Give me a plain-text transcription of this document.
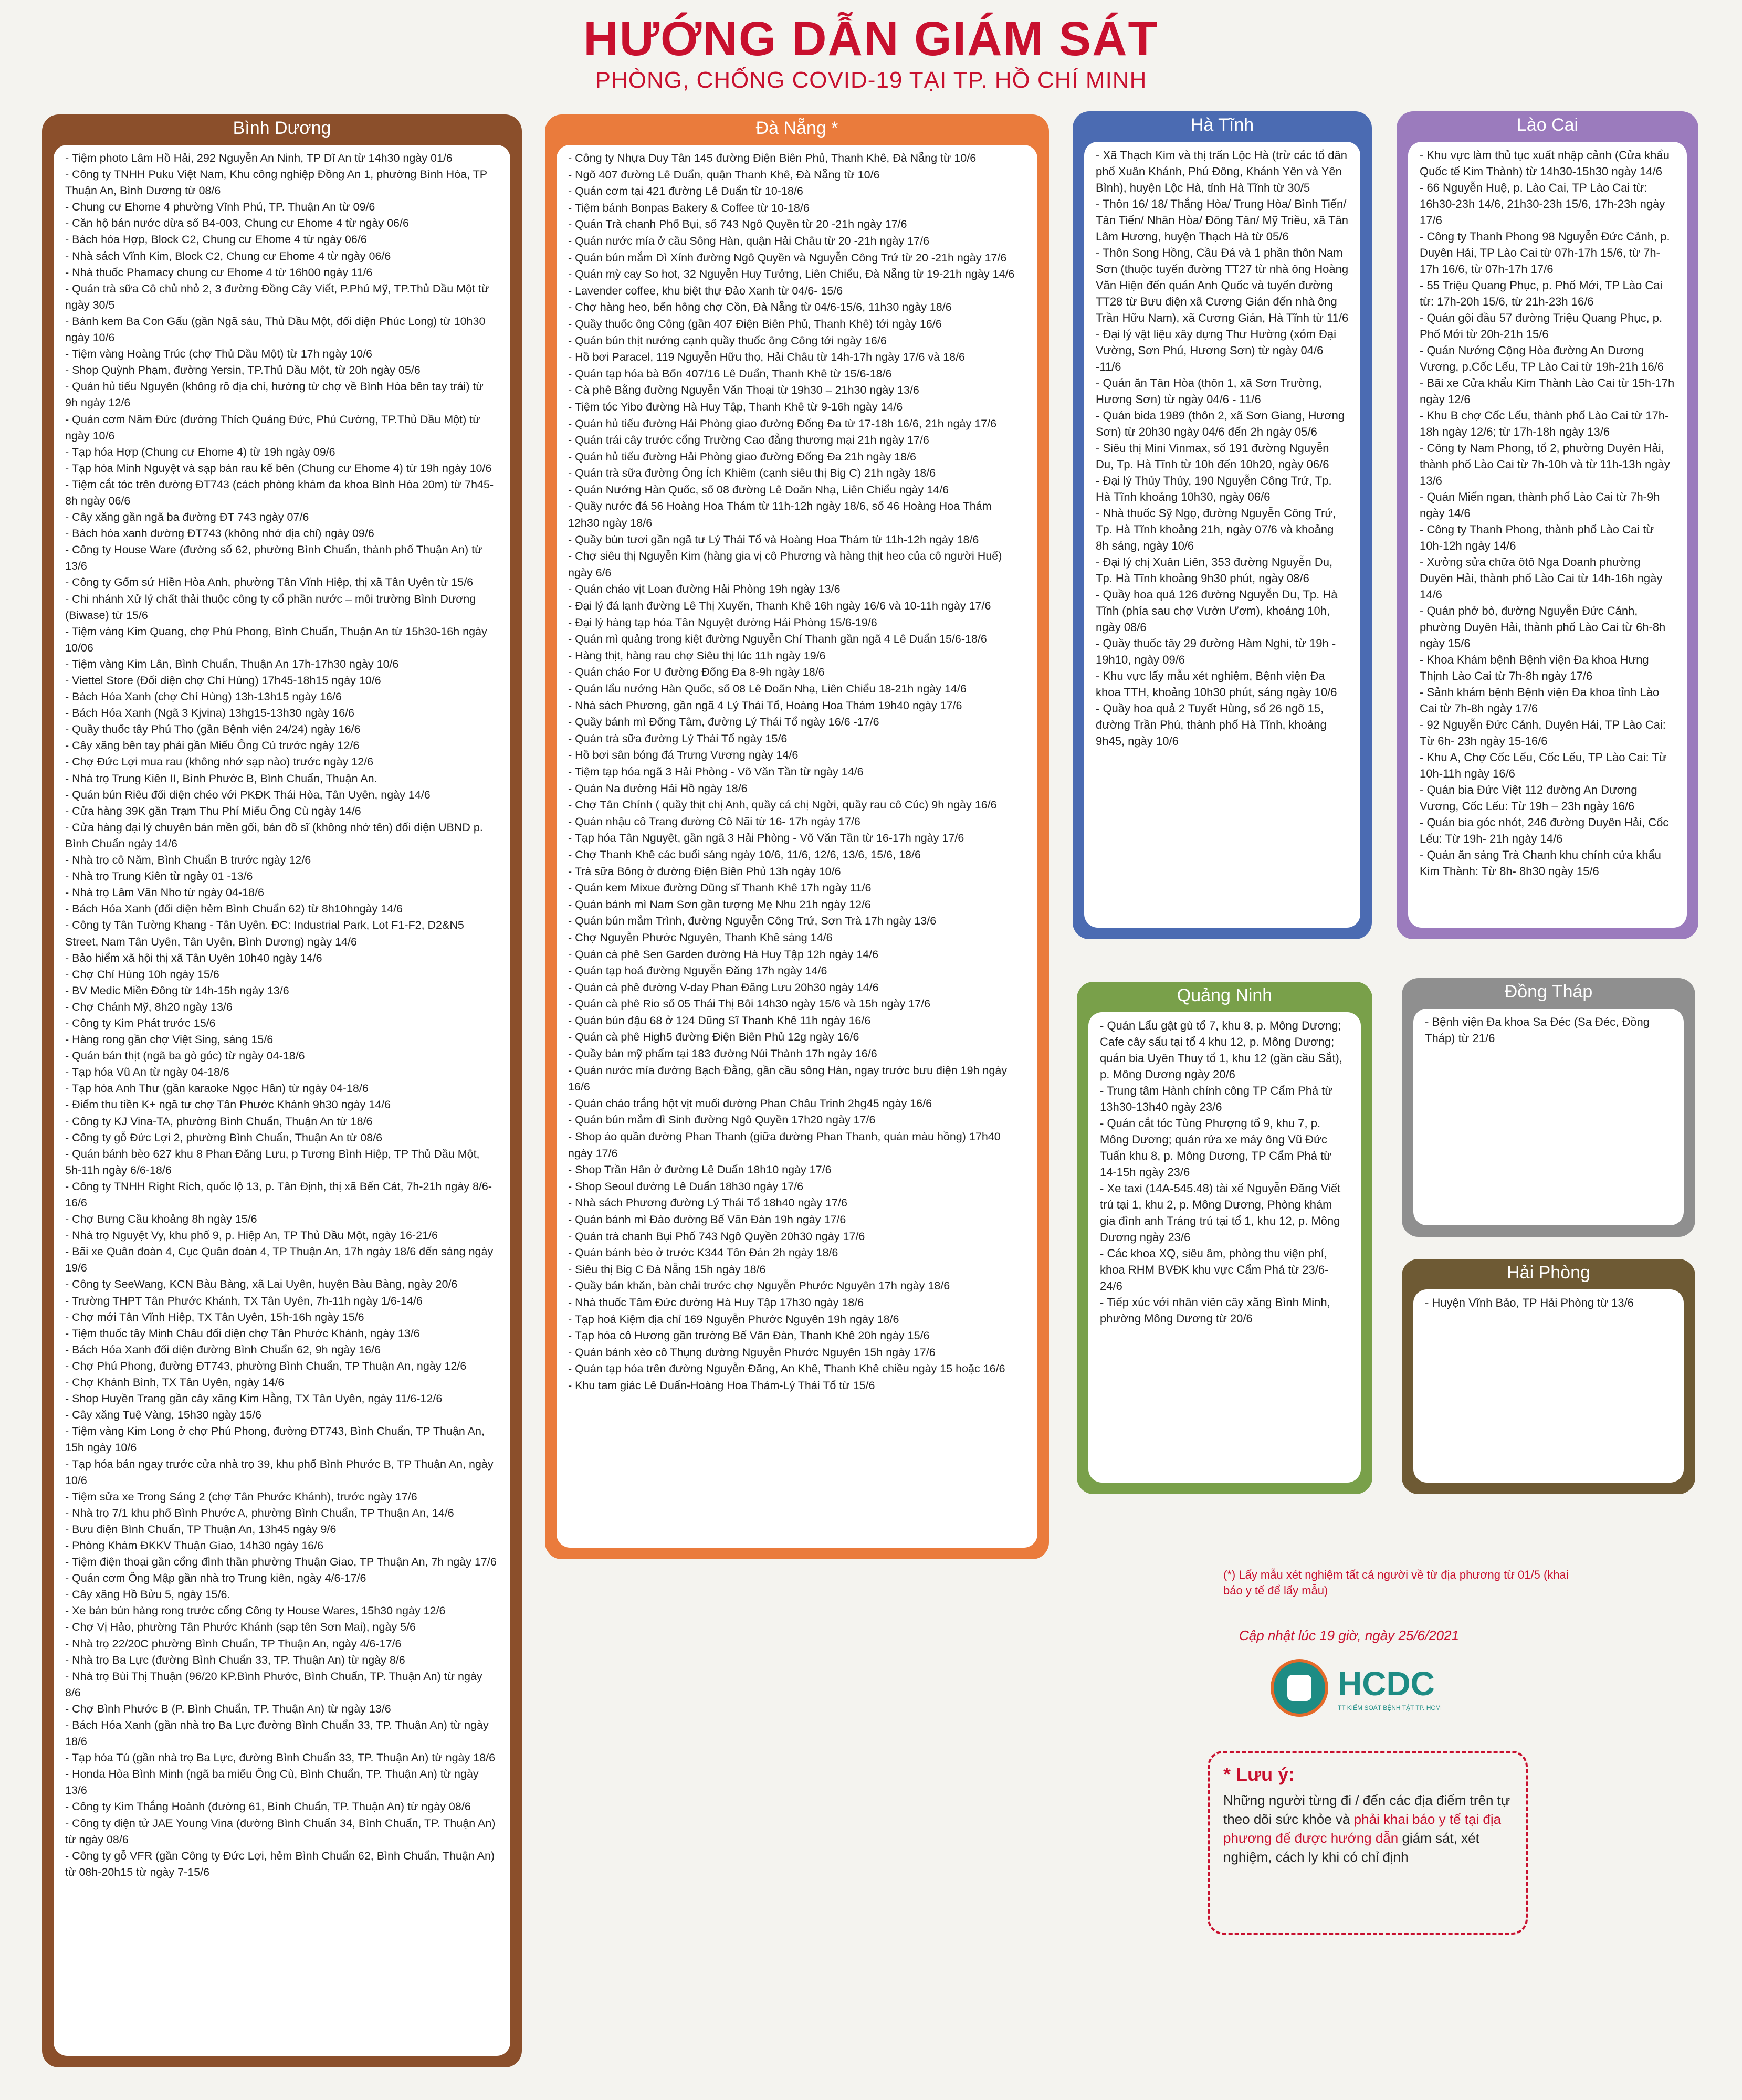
HƯỚNG DẪN GIÁM SÁT
PHÒNG, CHỐNG COVID-19 TẠI TP. HỒ CHÍ MINH
Bình Dương
- Tiệm photo Lâm Hồ Hải, 292 Nguyễn An Ninh, TP Dĩ An từ 14h30 ngày 01/6
- Công ty TNHH Puku Việt Nam, Khu công nghiệp Đồng An 1, phường Bình Hòa, TP Thuận An, Bình Dương từ 08/6
- Chung cư Ehome 4 phường Vĩnh Phú, TP. Thuận An từ 09/6
- Căn hộ bán nước dừa số B4-003, Chung cư Ehome 4 từ ngày 06/6
- Bách hóa Hợp, Block C2, Chung cư Ehome 4 từ ngày 06/6
- Nhà sách Vĩnh Kim, Block C2, Chung cư Ehome 4 từ ngày 06/6
- Nhà thuốc Phamacy chung cư Ehome 4 từ 16h00 ngày 11/6
- Quán trà sữa Cô chủ nhỏ 2, 3 đường Đồng Cây Viết, P.Phú Mỹ, TP.Thủ Dầu Một từ ngày 30/5
- Bánh kem Ba Con Gấu (gần Ngã sáu, Thủ Dầu Một, đối diện Phúc Long) từ 10h30 ngày 10/6
- Tiệm vàng Hoàng Trúc (chợ Thủ Dầu Một) từ 17h ngày 10/6
- Shop Quỳnh Phạm, đường Yersin, TP.Thủ Dầu Một, từ 20h ngày 05/6
- Quán hủ tiếu Nguyên (không rõ địa chỉ, hướng từ chợ về Bình Hòa bên tay trái) từ 9h ngày 12/6
- Quán cơm Năm Đức (đường Thích Quảng Đức, Phú Cường, TP.Thủ Dầu Một) từ ngày 10/6
- Tạp hóa Hợp (Chung cư Ehome 4) từ 19h ngày 09/6
- Tạp hóa Minh Nguyệt và sạp bán rau kế bên (Chung cư Ehome 4) từ 19h ngày 10/6
- Tiệm cắt tóc trên đường ĐT743 (cách phòng khám đa khoa Bình Hòa 20m) từ 7h45-8h ngày 06/6
- Cây xăng gần ngã ba đường ĐT 743 ngày 07/6
- Bách hóa xanh đường ĐT743 (không nhớ địa chỉ) ngày 09/6
- Công ty House Ware (đường số 62, phường Bình Chuẩn, thành phố Thuận An) từ 13/6
- Công ty Gốm sứ Hiền Hòa Anh, phường Tân Vĩnh Hiệp, thị xã Tân Uyên từ 15/6
- Chi nhánh Xử lý chất thải thuộc công ty cổ phần nước – môi trường Bình Dương (Biwase) từ 15/6
- Tiệm vàng Kim Quang, chợ Phú Phong, Bình Chuẩn, Thuận An từ 15h30-16h ngày 10/06
- Tiệm vàng Kim Lân, Bình Chuẩn, Thuận An 17h-17h30 ngày 10/6
- Viettel Store (Đối diện chợ Chí Hùng) 17h45-18h15 ngày 10/6
- Bách Hóa Xanh (chợ Chí Hùng) 13h-13h15 ngày 16/6
- Bách Hóa Xanh (Ngã 3 Kjvina) 13hg15-13h30 ngày 16/6
- Quầy thuốc tây Phú Thọ (gần Bệnh viện 24/24) ngày 16/6
- Cây xăng bên tay phải gần Miếu Ông Cù trước ngày 12/6
- Chợ Đức Lợi mua rau (không nhớ sạp nào) trước ngày 12/6
- Nhà trọ Trung Kiên II, Bình Phước B, Bình Chuẩn, Thuận An.
- Quán bún Riêu đối diện chéo với PKĐK Thái Hòa, Tân Uyên, ngày 14/6
- Cửa hàng 39K gần Trạm Thu Phí Miếu Ông Cù ngày 14/6
- Cửa hàng đại lý chuyên bán mền gối, bán đồ sĩ (không nhớ tên) đối diện UBND p. Bình Chuẩn ngày 14/6
- Nhà trọ cô Năm, Bình Chuẩn B trước ngày 12/6
- Nhà trọ Trung Kiên từ ngày 01 -13/6
- Nhà trọ Lâm Văn Nho từ ngày 04-18/6
- Bách Hóa Xanh (đối diện hẻm Bình Chuẩn 62) từ 8h10hngày 14/6
- Công ty Tân Tường Khang - Tân Uyên. ĐC: Industrial Park, Lot F1-F2, D2&N5 Street, Nam Tân Uyên, Tân Uyên, Bình Dương) ngày 14/6
- Bảo hiểm xã hội thị xã Tân Uyên 10h40 ngày 14/6
- Chợ Chí Hùng 10h ngày 15/6
- BV Medic Miền Đông từ 14h-15h ngày 13/6
- Chợ Chánh Mỹ, 8h20 ngày 13/6
- Công ty Kim Phát trước 15/6
- Hàng rong gần chợ Việt Sing, sáng 15/6
- Quán bán thịt (ngã ba gò góc) từ ngày 04-18/6
- Tạp hóa Vũ An từ ngày 04-18/6
- Tạp hóa Anh Thư (gần karaoke Ngọc Hân) từ ngày 04-18/6
- Điểm thu tiền K+ ngã tư chợ Tân Phước Khánh 9h30 ngày 14/6
- Công ty KJ Vina-TA, phường Bình Chuẩn, Thuận An từ 18/6
- Công ty gỗ Đức Lợi 2, phường Bình Chuẩn, Thuận An từ 08/6
- Quán bánh bèo 627 khu 8 Phan Đăng Lưu, p Tương Bình Hiệp, TP Thủ Dầu Một, 5h-11h ngày 6/6-18/6
- Công ty TNHH Right Rich, quốc lộ 13, p. Tân Định, thị xã Bến Cát, 7h-21h ngày 8/6-16/6
- Chợ Bưng Cầu khoảng 8h ngày 15/6
- Nhà trọ Nguyệt Vy, khu phố 9, p. Hiệp An, TP Thủ Dầu Một, ngày 16-21/6
- Bãi xe Quân đoàn 4, Cục Quân đoàn 4, TP Thuận An, 17h ngày 18/6 đến sáng ngày 19/6
- Công ty SeeWang, KCN Bàu Bàng, xã Lai Uyên, huyện Bàu Bàng, ngày 20/6
- Trường THPT Tân Phước Khánh, TX Tân Uyên, 7h-11h ngày 1/6-14/6
- Chợ mới Tân Vĩnh Hiệp, TX Tân Uyên, 15h-16h ngày 15/6
- Tiệm thuốc tây Minh Châu đối diện chợ Tân Phước Khánh, ngày 13/6
- Bách Hóa Xanh đối diện đường Bình Chuẩn 62, 9h ngày 16/6
- Chợ Phú Phong, đường ĐT743, phường Bình Chuẩn, TP Thuận An, ngày 12/6
- Chợ Khánh Bình, TX Tân Uyên, ngày 14/6
- Shop Huyền Trang gần cây xăng Kim Hằng, TX Tân Uyên, ngày 11/6-12/6
- Cây xăng Tuệ Vàng, 15h30 ngày 15/6
- Tiệm vàng Kim Long ở chợ Phú Phong, đường ĐT743, Bình Chuẩn, TP Thuận An, 15h ngày 10/6
- Tạp hóa bán ngay trước cửa nhà trọ 39, khu phố Bình Phước B, TP Thuận An, ngày 10/6
- Tiệm sửa xe Trong Sáng 2 (chợ Tân Phước Khánh), trước ngày 17/6
- Nhà trọ 7/1 khu phố Bình Phước A, phường Bình Chuẩn, TP Thuận An, 14/6
- Bưu điện Bình Chuẩn, TP Thuận An, 13h45 ngày 9/6
- Phòng Khám ĐKKV Thuận Giao, 14h30 ngày 16/6
- Tiệm điện thoại gần cổng đình thần phường Thuận Giao, TP Thuận An, 7h ngày 17/6
- Quán cơm Ông Mập gần nhà trọ Trung kiên, ngày 4/6-17/6
- Cây xăng Hồ Bửu 5, ngày 15/6.
- Xe bán bún hàng rong trước cổng Công ty House Wares, 15h30 ngày 12/6
- Chợ Vị Hảo, phường Tân Phước Khánh (sạp tên Sơn Mai), ngày 5/6
- Nhà trọ 22/20C phường Bình Chuẩn, TP Thuận An, ngày 4/6-17/6
- Nhà trọ Ba Lực (đường Bình Chuẩn 33, TP. Thuận An) từ ngày 8/6
- Nhà trọ Bùi Thị Thuận (96/20 KP.Bình Phước, Bình Chuẩn, TP. Thuận An) từ ngày 8/6
- Chợ Bình Phước B (P. Bình Chuẩn, TP. Thuận An) từ ngày 13/6
- Bách Hóa Xanh (gần nhà trọ Ba Lực đường Bình Chuẩn 33, TP. Thuận An) từ ngày 18/6
- Tạp hóa Tú (gần nhà trọ Ba Lực, đường Bình Chuẩn 33, TP. Thuận An) từ ngày 18/6
- Honda Hòa Bình Minh (ngã ba miếu Ông Cù, Bình Chuẩn, TP. Thuận An) từ ngày 13/6
- Công ty Kim Thắng Hoành (đường 61, Bình Chuẩn, TP. Thuận An) từ ngày 08/6
- Công ty điện tử JAE Young Vina (đường Bình Chuẩn 34, Bình Chuẩn, TP. Thuận An) từ ngày 08/6
- Công ty gỗ VFR (gần Công ty Đức Lợi, hẻm Bình Chuẩn 62, Bình Chuẩn, Thuận An) từ 08h-20h15 từ ngày 7-15/6
Đà Nẵng *
- Công ty Nhựa Duy Tân 145 đường Điện Biên Phủ, Thanh Khê, Đà Nẵng từ 10/6
- Ngõ 407 đường Lê Duẩn, quận Thanh Khê, Đà Nẵng từ 10/6
- Quán cơm tại 421 đường Lê Duẩn từ 10-18/6
- Tiệm bánh Bonpas Bakery & Coffee từ 10-18/6
- Quán Trà chanh Phố Bụi, số 743 Ngô Quyền từ 20 -21h ngày 17/6
- Quán nước mía ở cầu Sông Hàn, quận Hải Châu từ 20 -21h ngày 17/6
- Quán bún mắm Dì Xính đường Ngô Quyền và Nguyễn Công Trứ từ 20 -21h ngày 17/6
- Quán mỳ cay So hot, 32 Nguyễn Huy Tưởng, Liên Chiểu, Đà Nẵng từ 19-21h ngày 14/6
- Lavender coffee, khu biệt thự Đảo Xanh từ 04/6- 15/6
- Chợ hàng heo, bến hông chợ Cồn, Đà Nẵng từ 04/6-15/6, 11h30 ngày 18/6
- Quầy thuốc ông Công (gần 407 Điện Biên Phủ, Thanh Khê) tới ngày 16/6
- Quán bún thịt nướng cạnh quầy thuốc ông Công tới ngày 16/6
- Hồ bơi Paracel, 119 Nguyễn Hữu thọ, Hải Châu từ 14h-17h ngày 17/6 và 18/6
- Quán tạp hóa bà Bốn 407/16 Lê Duẩn, Thanh Khê từ 15/6-18/6
- Cà phê Bằng đường Nguyễn Văn Thoại từ 19h30 – 21h30 ngày 13/6
- Tiệm tóc Yibo đường Hà Huy Tập, Thanh Khê từ 9-16h ngày 14/6
- Quán hủ tiếu đường Hải Phòng giao đường Đống Đa từ 17-18h 16/6, 21h ngày 17/6
- Quán trái cây trước cổng Trường Cao đẳng thương mại 21h ngày 17/6
- Quán hủ tiếu đường Hải Phòng giao đường Đống Đa 21h ngày 18/6
- Quán trà sữa đường Ông Ích Khiêm (cạnh siêu thị Big C) 21h ngày 18/6
- Quán Nướng Hàn Quốc, số 08 đường Lê Doãn Nhạ, Liên Chiểu ngày 14/6
- Quầy nước đá 56 Hoàng Hoa Thám từ 11h-12h ngày 18/6, số 46 Hoàng Hoa Thám 12h30 ngày 18/6
- Quầy bún tươi gần ngã tư Lý Thái Tổ và Hoàng Hoa Thám từ 11h-12h ngày 18/6
- Chợ siêu thị Nguyễn Kim (hàng gia vị cô Phương và hàng thịt heo của cô người Huế) ngày 6/6
- Quán cháo vịt Loan đường Hải Phòng 19h ngày 13/6
- Đại lý đá lạnh đường Lê Thị Xuyến, Thanh Khê 16h ngày 16/6 và 10-11h ngày 17/6
- Đại lý hàng tạp hóa Tân Nguyệt đường Hải Phòng 15/6-19/6
- Quán mì quảng trong kiệt đường Nguyễn Chí Thanh gần ngã 4 Lê Duẩn 15/6-18/6
- Hàng thịt, hàng rau chợ Siêu thị lúc 11h ngày 19/6
- Quán cháo For U đường Đống Đa 8-9h ngày 18/6
- Quán lẩu nướng Hàn Quốc, số 08 Lê Doãn Nhạ, Liên Chiểu 18-21h ngày 14/6
- Nhà sách Phương, gần ngã 4 Lý Thái Tổ, Hoàng Hoa Thám 19h40 ngày 17/6
- Quầy bánh mì Đống Tâm, đường Lý Thái Tổ ngày 16/6 -17/6
- Quán trà sữa đường Lý Thái Tổ ngày 15/6
- Hồ bơi sân bóng đá Trưng Vương ngày 14/6
- Tiệm tạp hóa ngã 3 Hải Phòng - Võ Văn Tần từ ngày 14/6
- Quán Na đường Hải Hồ ngày 18/6
- Chợ Tân Chính ( quầy thịt chị Anh, quầy cá chị Ngời, quầy rau cô Cúc) 9h ngày 16/6
- Quán nhậu cô Trang đường Cô Nãi từ 16- 17h ngày 17/6
- Tạp hóa Tân Nguyệt, gần ngã 3 Hải Phòng - Võ Văn Tần từ 16-17h ngày 17/6
- Chợ Thanh Khê các buổi sáng ngày 10/6, 11/6, 12/6, 13/6, 15/6, 18/6
- Trà sữa Bông ở đường Điện Biên Phủ 13h ngày 10/6
- Quán kem Mixue đường Dũng sĩ Thanh Khê 17h ngày 11/6
- Quán bánh mì Nam Sơn gần tượng Mẹ Nhu 21h ngày 12/6
- Quán bún mắm Trình, đường Nguyễn Công Trứ, Sơn Trà 17h ngày 13/6
- Chợ Nguyễn Phước Nguyên, Thanh Khê sáng 14/6
- Quán cà phê Sen Garden đường Hà Huy Tập 12h ngày 14/6
- Quán tạp hoá đường Nguyễn Đăng 17h ngày 14/6
- Quán cà phê đường V-day Phan Đăng Lưu 20h30 ngày 14/6
- Quán cà phê Rio số 05 Thái Thị Bôi 14h30 ngày 15/6 và 15h ngày 17/6
- Quán bún đậu 68 ở 124 Dũng Sĩ Thanh Khê 11h ngày 16/6
- Quán cà phê High5 đường Điện Biên Phủ 12g ngày 16/6
- Quầy bán mỹ phẩm tại 183 đường Núi Thành 17h ngày 16/6
- Quán nước mía đường Bạch Đằng, gần cầu sông Hàn, ngay trước bưu điện 19h ngày 16/6
- Quán cháo trắng hột vịt muối đường Phan Châu Trinh 2hg45 ngày 16/6
- Quán bún mắm dì Sinh đường Ngô Quyền 17h20 ngày 17/6
- Shop áo quần đường Phan Thanh (giữa đường Phan Thanh, quán màu hồng) 17h40 ngày 17/6
- Shop Trần Hân ở đường Lê Duẩn 18h10 ngày 17/6
- Shop Seoul đường Lê Duẩn 18h30 ngày 17/6
- Nhà sách Phương đường Lý Thái Tổ 18h40 ngày 17/6
- Quán bánh mì Đào đường Bế Văn Đàn 19h ngày 17/6
- Quán trà chanh Bụi Phố 743 Ngô Quyền 20h30 ngày 17/6
- Quán bánh bèo ở trước K344 Tôn Đản 2h ngày 18/6
- Siêu thị Big C Đà Nẵng 15h ngày 18/6
- Quầy bán khăn, bàn chải trước chợ Nguyễn Phước Nguyên 17h ngày 18/6
- Nhà thuốc Tâm Đức đường Hà Huy Tập 17h30 ngày 18/6
- Tạp hoá Kiệm địa chỉ 169 Nguyễn Phước Nguyên 19h ngày 18/6
- Tạp hóa cô Hương gần trường Bế Văn Đàn, Thanh Khê 20h ngày 15/6
- Quán bánh xèo cô Thụng đường Nguyễn Phước Nguyên 15h ngày 17/6
- Quán tạp hóa trên đường Nguyễn Đăng, An Khê, Thanh Khê chiều ngày 15 hoặc 16/6
- Khu tam giác Lê Duẩn-Hoàng Hoa Thám-Lý Thái Tổ từ 15/6
Hà Tĩnh
- Xã Thạch Kim và thị trấn Lộc Hà (trừ các tổ dân phố Xuân Khánh, Phú Đông, Khánh Yên và Yên Bình), huyện Lộc Hà, tỉnh Hà Tĩnh từ 30/5
- Thôn 16/ 18/ Thắng Hòa/ Trung Hòa/ Bình Tiến/ Tân Tiến/ Nhân Hòa/ Đông Tân/ Mỹ Triều, xã Tân Lâm Hương, huyện Thạch Hà từ 05/6
- Thôn Song Hồng, Cầu Đá và 1 phần thôn Nam Sơn (thuộc tuyến đường TT27 từ nhà ông Hoàng Văn Hiện đến quán Anh Quốc và tuyến đường TT28 từ Bưu điện xã Cương Gián đến nhà ông Trần Hữu Nam), xã Cương Gián, Hà Tĩnh từ 11/6
- Đại lý vật liệu xây dựng Thư Hường (xóm Đại Vường, Sơn Phú, Hương Sơn) từ ngày 04/6 -11/6
- Quán ăn Tân Hòa (thôn 1, xã Sơn Trường, Hương Sơn) từ ngày 04/6 - 11/6
- Quán bida 1989 (thôn 2, xã Sơn Giang, Hương Sơn) từ 20h30 ngày 04/6 đến 2h ngày 05/6
- Siêu thị Mini Vinmax, số 191 đường Nguyễn Du, Tp. Hà Tĩnh từ 10h đến 10h20, ngày 06/6
- Đại lý Thủy Thủy, 190 Nguyễn Công Trứ, Tp. Hà Tĩnh khoảng 10h30, ngày 06/6
- Nhà thuốc Sỹ Ngọ, đường Nguyễn Công Trứ, Tp. Hà Tĩnh khoảng 21h, ngày 07/6 và khoảng 8h sáng, ngày 10/6
- Đại lý chị Xuân Liên, 353 đường Nguyễn Du, Tp. Hà Tĩnh khoảng 9h30 phút, ngày 08/6
- Quầy hoa quả 126 đường Nguyễn Du, Tp. Hà Tĩnh (phía sau chợ Vườn Ươm), khoảng 10h, ngày 08/6
- Quầy thuốc tây 29 đường Hàm Nghi, từ 19h - 19h10, ngày 09/6
- Khu vực lấy mẫu xét nghiệm, Bệnh viện Đa khoa TTH, khoảng 10h30 phút, sáng ngày 10/6
- Quầy hoa quả 2 Tuyết Hùng, số 26 ngõ 15, đường Trần Phú, thành phố Hà Tĩnh, khoảng 9h45, ngày 10/6
Lào Cai
- Khu vực làm thủ tục xuất nhập cảnh (Cửa khẩu Quốc tế Kim Thành) từ 14h30-15h30 ngày 14/6
- 66 Nguyễn Huệ, p. Lào Cai, TP Lào Cai từ: 16h30-23h 14/6, 21h30-23h 15/6, 17h-23h ngày 17/6
- Công ty Thanh Phong 98 Nguyễn Đức Cảnh, p. Duyên Hải, TP Lào Cai từ 07h-17h 15/6, từ 7h-17h 16/6, từ 07h-17h 17/6
- 55 Triệu Quang Phục, p. Phố Mới, TP Lào Cai từ: 17h-20h 15/6, từ 21h-23h 16/6
- Quán gội đầu 57 đường Triệu Quang Phục, p. Phố Mới từ 20h-21h 15/6
- Quán Nướng Cộng Hòa đường An Dương Vương, p.Cốc Lếu, TP Lào Cai từ 19h-21h 16/6
- Bãi xe Cửa khẩu Kim Thành Lào Cai từ 15h-17h ngày 12/6
- Khu B chợ Cốc Lếu, thành phố Lào Cai từ 17h-18h ngày 12/6; từ 17h-18h ngày 13/6
- Công ty Nam Phong, tổ 2, phường Duyên Hải, thành phố Lào Cai từ 7h-10h và từ 11h-13h ngày 13/6
- Quán Miến ngan, thành phố Lào Cai từ 7h-9h ngày 14/6
- Công ty Thanh Phong, thành phố Lào Cai từ 10h-12h ngày 14/6
- Xưởng sửa chữa ôtô Nga Doanh phường Duyên Hải, thành phố Lào Cai từ 14h-16h ngày 14/6
- Quán phở bò, đường Nguyễn Đức Cảnh, phường Duyên Hải, thành phố Lào Cai từ 6h-8h ngày 15/6
- Khoa Khám bệnh Bệnh viện Đa khoa Hưng Thịnh Lào Cai từ 7h-8h ngày 17/6
- Sảnh khám bệnh Bệnh viện Đa khoa tỉnh Lào Cai từ 7h-8h ngày 17/6
- 92 Nguyễn Đức Cảnh, Duyên Hải, TP Lào Cai: Từ 6h- 23h ngày 15-16/6
- Khu A, Chợ Cốc Lếu, Cốc Lếu, TP Lào Cai: Từ 10h-11h ngày 16/6
- Quán bia Đức Việt 112 đường An Dương Vương, Cốc Lếu: Từ 19h – 23h ngày 16/6
- Quán bia góc nhót, 246 đường Duyên Hải, Cốc Lếu: Từ 19h- 21h ngày 14/6
- Quán ăn sáng Trà Chanh khu chính cửa khẩu Kim Thành: Từ 8h- 8h30 ngày 15/6
Quảng Ninh
- Quán Lẩu gật gù tổ 7, khu 8, p. Mông Dương; Cafe cây sấu tại tổ 4 khu 12, p. Mông Dương; quán bia Uyên Thuy tổ 1, khu 12 (gần cầu Sắt), p. Mông Dương ngày 20/6
- Trung tâm Hành chính công TP Cẩm Phả từ 13h30-13h40 ngày 23/6
- Quán cắt tóc Tùng Phượng tổ 9, khu 7, p. Mông Dương; quán rửa xe máy ông Vũ Đức Tuấn khu 8, p. Mông Dương, TP Cẩm Phả từ 14-15h ngày 23/6
- Xe taxi (14A-545.48) tài xế Nguyễn Đăng Viết trú tại 1, khu 2, p. Mông Dương, Phòng khám gia đình anh Tráng trú tại tổ 1, khu 12, p. Mông Dương ngày 23/6
- Các khoa XQ, siêu âm, phòng thu viện phí, khoa RHM BVĐK khu vực Cẩm Phả từ 23/6-24/6
- Tiếp xúc với nhân viên cây xăng Bình Minh, phường Mông Dương từ 20/6
Đồng Tháp
- Bệnh viện Đa khoa Sa Đéc (Sa Đéc, Đồng Tháp) từ 21/6
Hải Phòng
- Huyện Vĩnh Bảo, TP Hải Phòng từ 13/6
(*) Lấy mẫu xét nghiệm tất cả người về từ địa phương từ 01/5 (khai báo y tế để lấy mẫu)
Cập nhật lúc 19 giờ, ngày 25/6/2021
HCDC
TT KIỂM SOÁT BỆNH TẬT TP. HCM
* Lưu ý:
Những người từng đi / đến các địa điểm trên tự theo dõi sức khỏe và phải khai báo y tế tại địa phương để được hướng dẫn giám sát, xét nghiệm, cách ly khi có chỉ định
